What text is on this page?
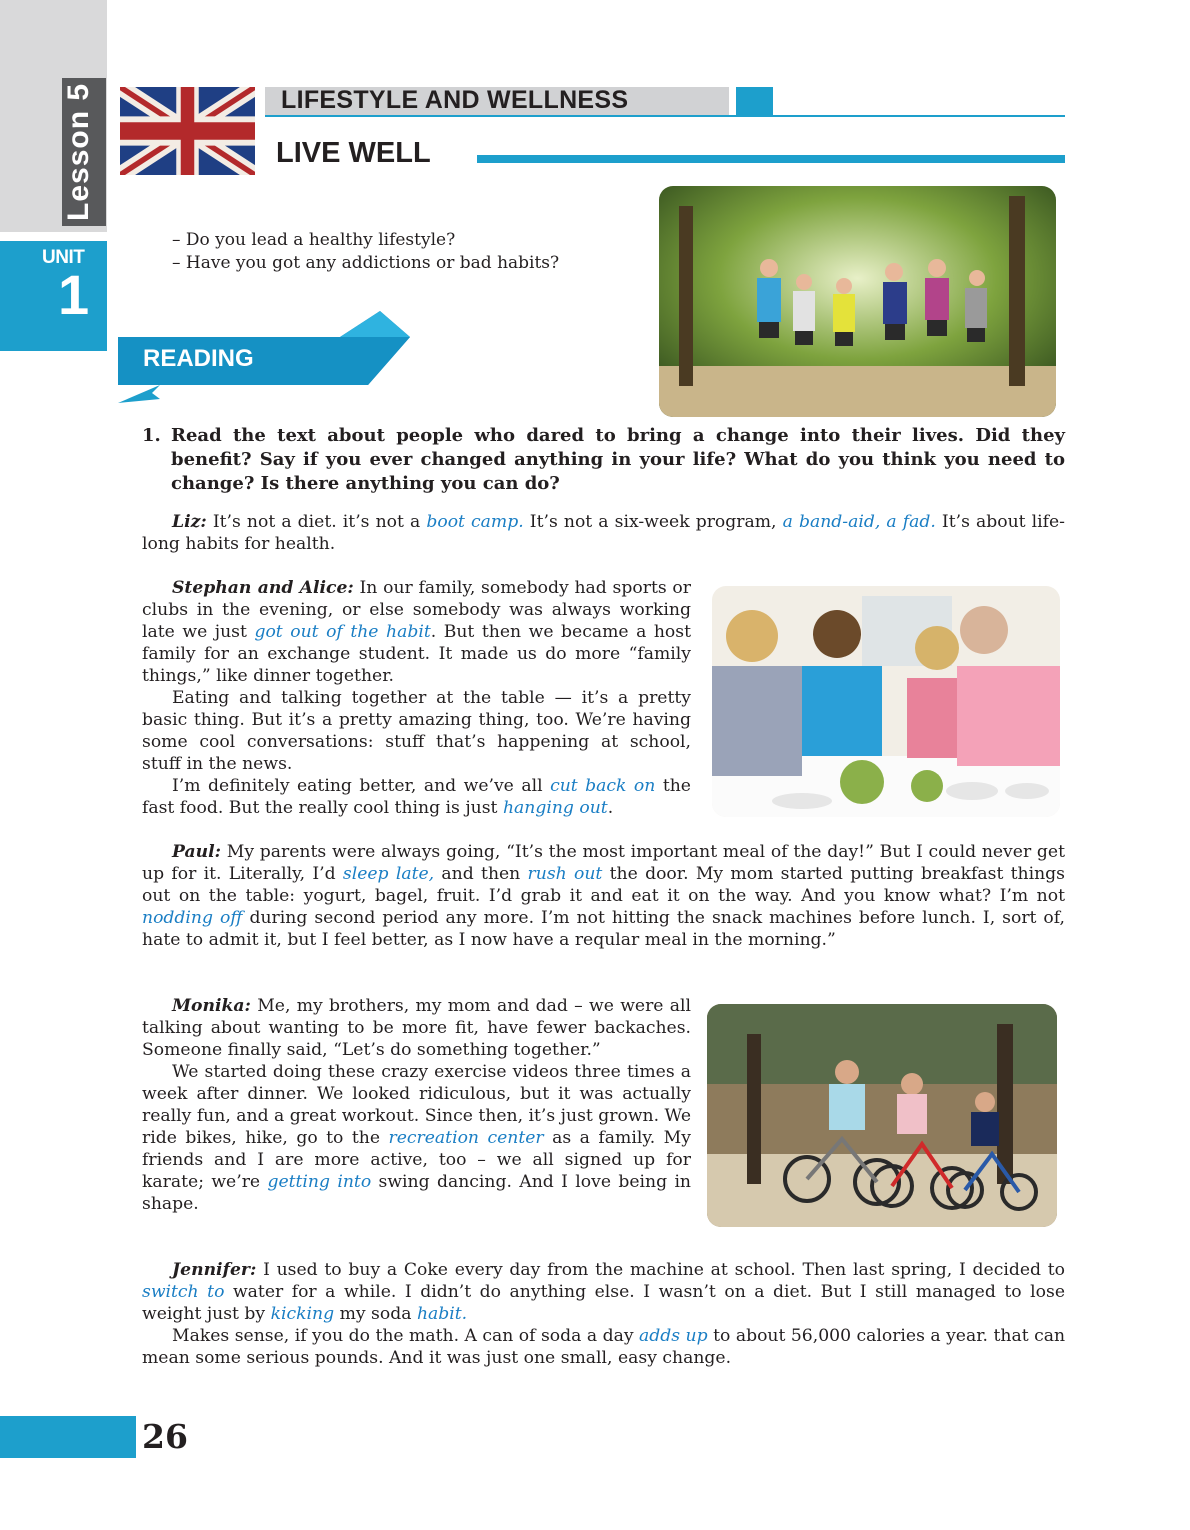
Lesson 5
UNIT
1
LIFESTYLE AND WELLNESS
LIVE WELL
– Do you lead a healthy lifestyle?
– Have you got any addictions or bad habits?
READING
1. Read the text about people who dared to bring a change into their lives. Did they benefit? Say if you ever changed anything in your life? What do you think you need to change? Is there anything you can do?

Liz: It’s not a diet. it’s not a boot camp. It’s not a six-week program, a band-aid, a fad. It’s about life-long habits for health.

Stephan and Alice: In our family, somebody had sports or clubs in the evening, or else somebody was always working late we just got out of the habit. But then we became a host family for an exchange student. It made us do more “family things,” like dinner together.

Eating and talking together at the table — it’s a pretty basic thing. But it’s a pretty amazing thing, too. We’re having some cool conversations: stuff that’s happening at school, stuff in the news.

I’m definitely eating better, and we’ve all cut back on the fast food. But the really cool thing is just hanging out.

Paul: My parents were always going, “It’s the most important meal of the day!” But I could never get up for it. Literally, I’d sleep late, and then rush out the door. My mom started putting breakfast things out on the table: yogurt, bagel, fruit. I’d grab it and eat it on the way. And you know what? I’m not nodding off during second period any more. I’m not hitting the snack machines before lunch. I, sort of, hate to admit it, but I feel better, as I now have a reqular meal in the morning.”

Monika: Me, my brothers, my mom and dad – we were all talking about wanting to be more fit, have fewer backaches. Someone finally said, “Let’s do something together.”

We started doing these crazy exercise videos three times a week after dinner. We looked ridiculous, but it was actually really fun, and a great workout. Since then, it’s just grown. We ride bikes, hike, go to the recreation center as a family. My friends and I are more active, too – we all signed up for karate; we’re getting into swing dancing. And I love being in shape.

Jennifer: I used to buy a Coke every day from the machine at school. Then last spring, I decided to switch to water for a while. I didn’t do anything else. I wasn’t on a diet. But I still managed to lose weight just by kicking my soda habit.

Makes sense, if you do the math. A can of soda a day adds up to about 56,000 calories a year. that can mean some serious pounds. And it was just one small, easy change.

26
